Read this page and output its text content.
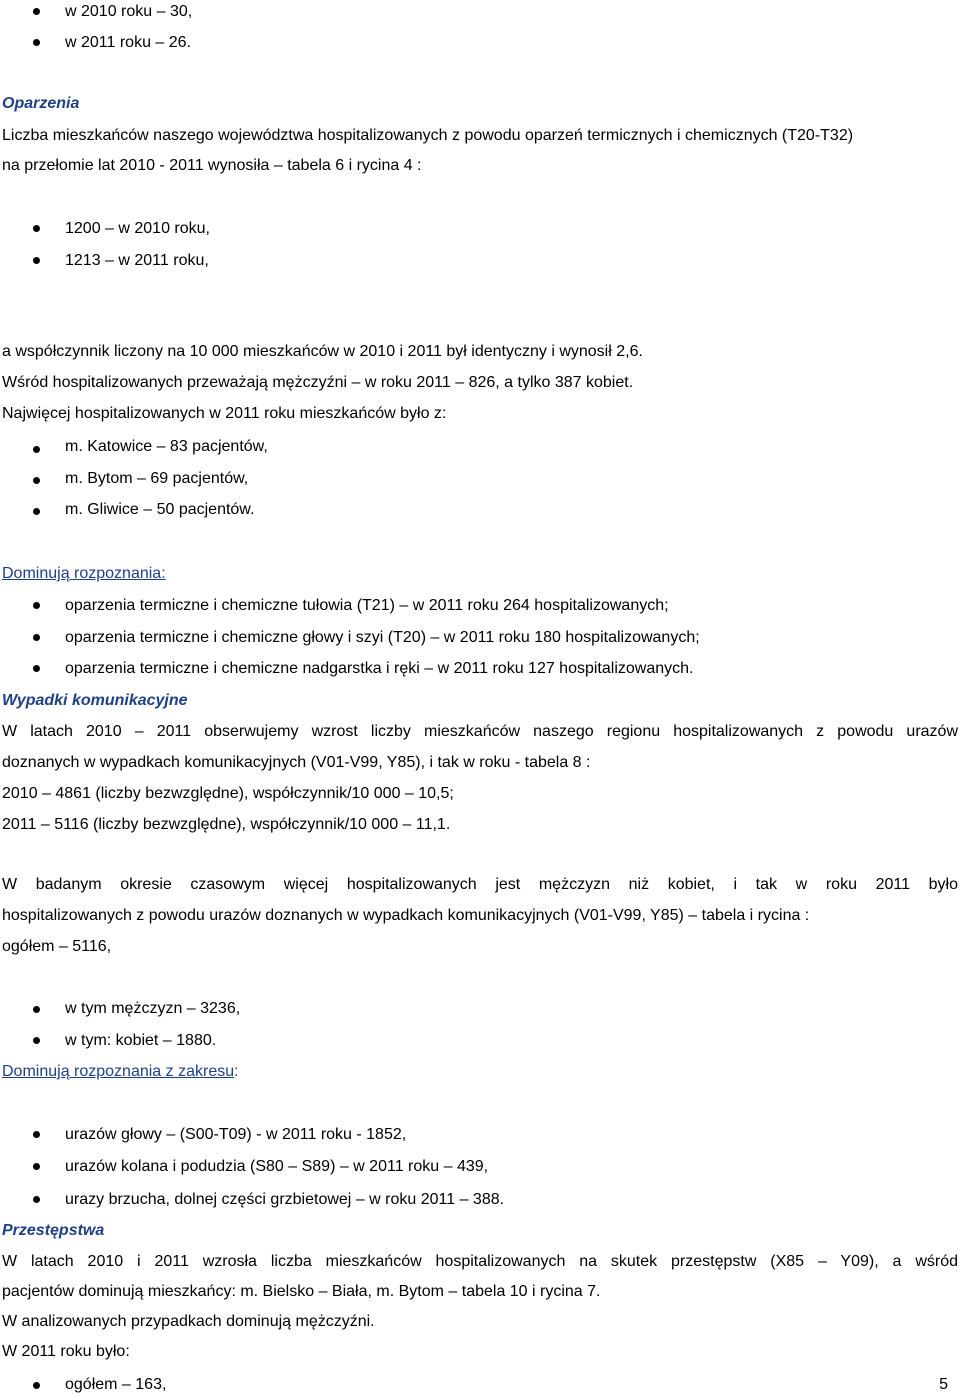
w 2010 roku – 30,
w 2011 roku – 26.
Oparzenia
Liczba mieszkańców naszego województwa hospitalizowanych z powodu oparzeń termicznych i chemicznych (T20-T32)
na przełomie lat 2010 - 2011 wynosiła – tabela 6 i rycina 4 :
1200 – w 2010 roku,
1213 – w 2011 roku,
a współczynnik liczony na 10 000 mieszkańców w 2010 i 2011 był identyczny i wynosił 2,6.
Wśród hospitalizowanych przeważają mężczyźni – w roku 2011 – 826, a tylko 387 kobiet.
Najwięcej hospitalizowanych w 2011 roku mieszkańców było z:
m. Katowice – 83 pacjentów,
m. Bytom – 69 pacjentów,
m. Gliwice – 50 pacjentów.
Dominują rozpoznania:
oparzenia termiczne i chemiczne tułowia (T21) – w 2011 roku 264 hospitalizowanych;
oparzenia termiczne i chemiczne głowy i szyi (T20) – w 2011 roku 180 hospitalizowanych;
oparzenia termiczne i chemiczne nadgarstka i ręki – w 2011 roku 127 hospitalizowanych.
Wypadki komunikacyjne
W latach 2010 – 2011 obserwujemy wzrost liczby mieszkańców naszego regionu hospitalizowanych z powodu urazów
doznanych w wypadkach komunikacyjnych (V01-V99, Y85), i tak w roku - tabela 8 :
2010 – 4861 (liczby bezwzględne), współczynnik/10 000 – 10,5;
2011 – 5116 (liczby bezwzględne), współczynnik/10 000 – 11,1.
W badanym okresie czasowym więcej hospitalizowanych jest mężczyzn niż kobiet, i tak w roku 2011 było
hospitalizowanych z powodu urazów doznanych w wypadkach komunikacyjnych (V01-V99, Y85) – tabela i rycina :
ogółem – 5116,
w tym mężczyzn – 3236,
w tym: kobiet – 1880.
Dominują rozpoznania z zakresu:
urazów głowy – (S00-T09) - w 2011 roku - 1852,
urazów kolana i podudzia (S80 – S89) – w 2011 roku – 439,
urazy brzucha, dolnej części grzbietowej – w roku 2011 – 388.
Przestępstwa
W latach 2010 i 2011 wzrosła liczba mieszkańców hospitalizowanych na skutek przestępstw (X85 – Y09), a wśród
pacjentów dominują mieszkańcy: m. Bielsko – Biała, m. Bytom – tabela 10 i rycina 7.
W analizowanych przypadkach dominują mężczyźni.
W 2011 roku było:
ogółem – 163,	5
